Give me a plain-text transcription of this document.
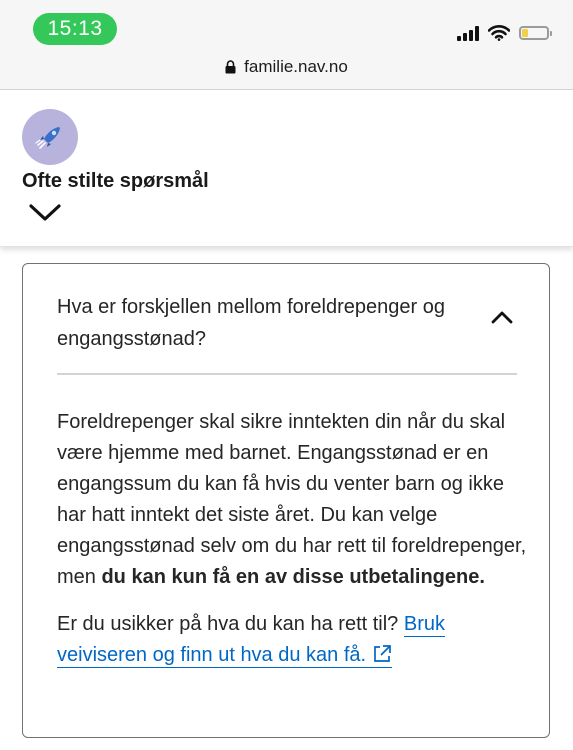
15:13
familie.nav.no
Ofte stilte spørsmål
Hva er forskjellen mellom foreldrepenger og engangsstønad?

Foreldrepenger skal sikre inntekten din når du skal være hjemme med barnet. Engangsstønad er en engangssum du kan få hvis du venter barn og ikke har hatt inntekt det siste året. Du kan velge engangsstønad selv om du har rett til foreldrepenger, men du kan kun få en av disse utbetalingene.

Er du usikker på hva du kan ha rett til? Bruk veiviseren og finn ut hva du kan få.
